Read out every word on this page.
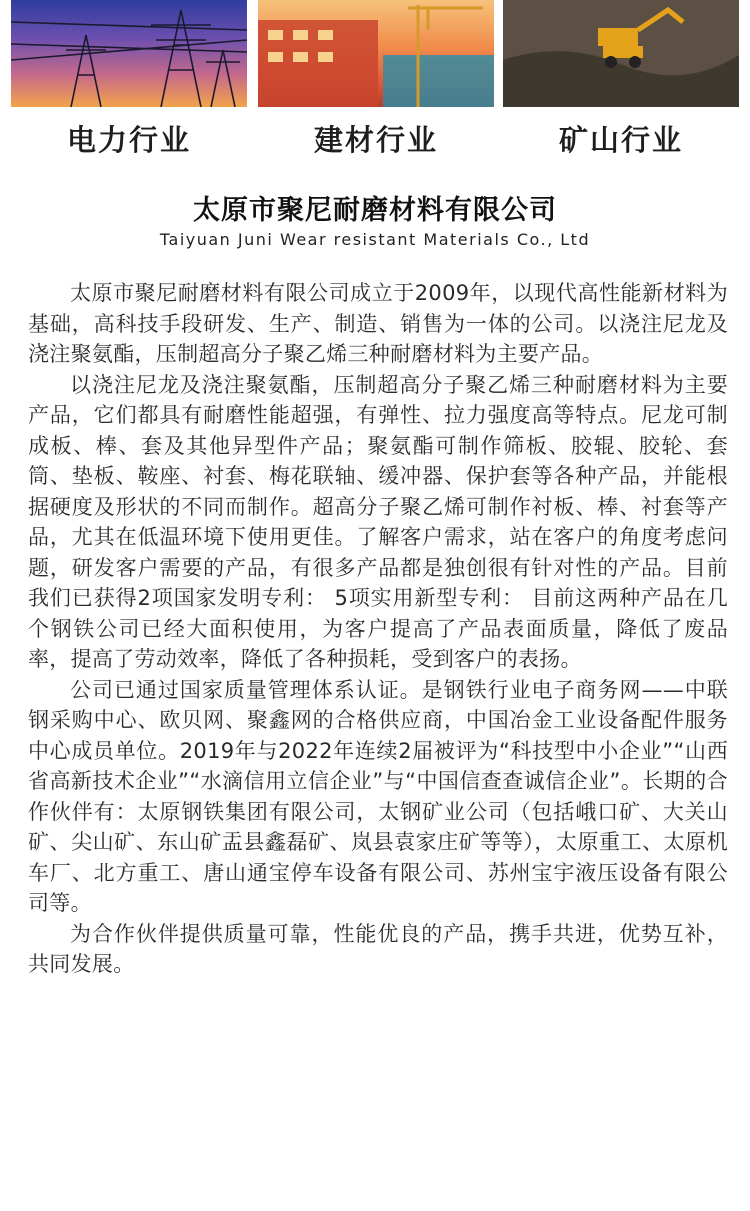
电力行业	建材行业	矿山行业
太原市聚尼耐磨材料有限公司
Taiyuan Juni Wear resistant Materials Co., Ltd

太原市聚尼耐磨材料有限公司成立于2009年，以现代高性能新材料为基础，高科技手段研发、生产、制造、销售为一体的公司。以浇注尼龙及浇注聚氨酯，压制超高分子聚乙烯三种耐磨材料为主要产品。

以浇注尼龙及浇注聚氨酯，压制超高分子聚乙烯三种耐磨材料为主要产品，它们都具有耐磨性能超强，有弹性、拉力强度高等特点。尼龙可制成板、棒、套及其他异型件产品；聚氨酯可制作筛板、胶辊、胶轮、套筒、垫板、鞍座、衬套、梅花联轴、缓冲器、保护套等各种产品，并能根据硬度及形状的不同而制作。超高分子聚乙烯可制作衬板、棒、衬套等产品，尤其在低温环境下使用更佳。了解客户需求，站在客户的角度考虑问题，研发客户需要的产品，有很多产品都是独创很有针对性的产品。目前我们已获得2项国家发明专利： 5项实用新型专利： 目前这两种产品在几个钢铁公司已经大面积使用，为客户提高了产品表面质量，降低了废品率，提高了劳动效率，降低了各种损耗，受到客户的表扬。

公司已通过国家质量管理体系认证。是钢铁行业电子商务网——中联钢采购中心、欧贝网、聚鑫网的合格供应商，中国冶金工业设备配件服务中心成员单位。2019年与2022年连续2届被评为“科技型中小企业”“山西省高新技术企业”“水滴信用立信企业”与“中国信查查诚信企业”。长期的合作伙伴有：太原钢铁集团有限公司，太钢矿业公司（包括峨口矿、大关山矿、尖山矿、东山矿盂县鑫磊矿、岚县袁家庄矿等等），太原重工、太原机车厂、北方重工、唐山通宝停车设备有限公司、苏州宝宇液压设备有限公司等。

为合作伙伴提供质量可靠，性能优良的产品，携手共进，优势互补，共同发展。
